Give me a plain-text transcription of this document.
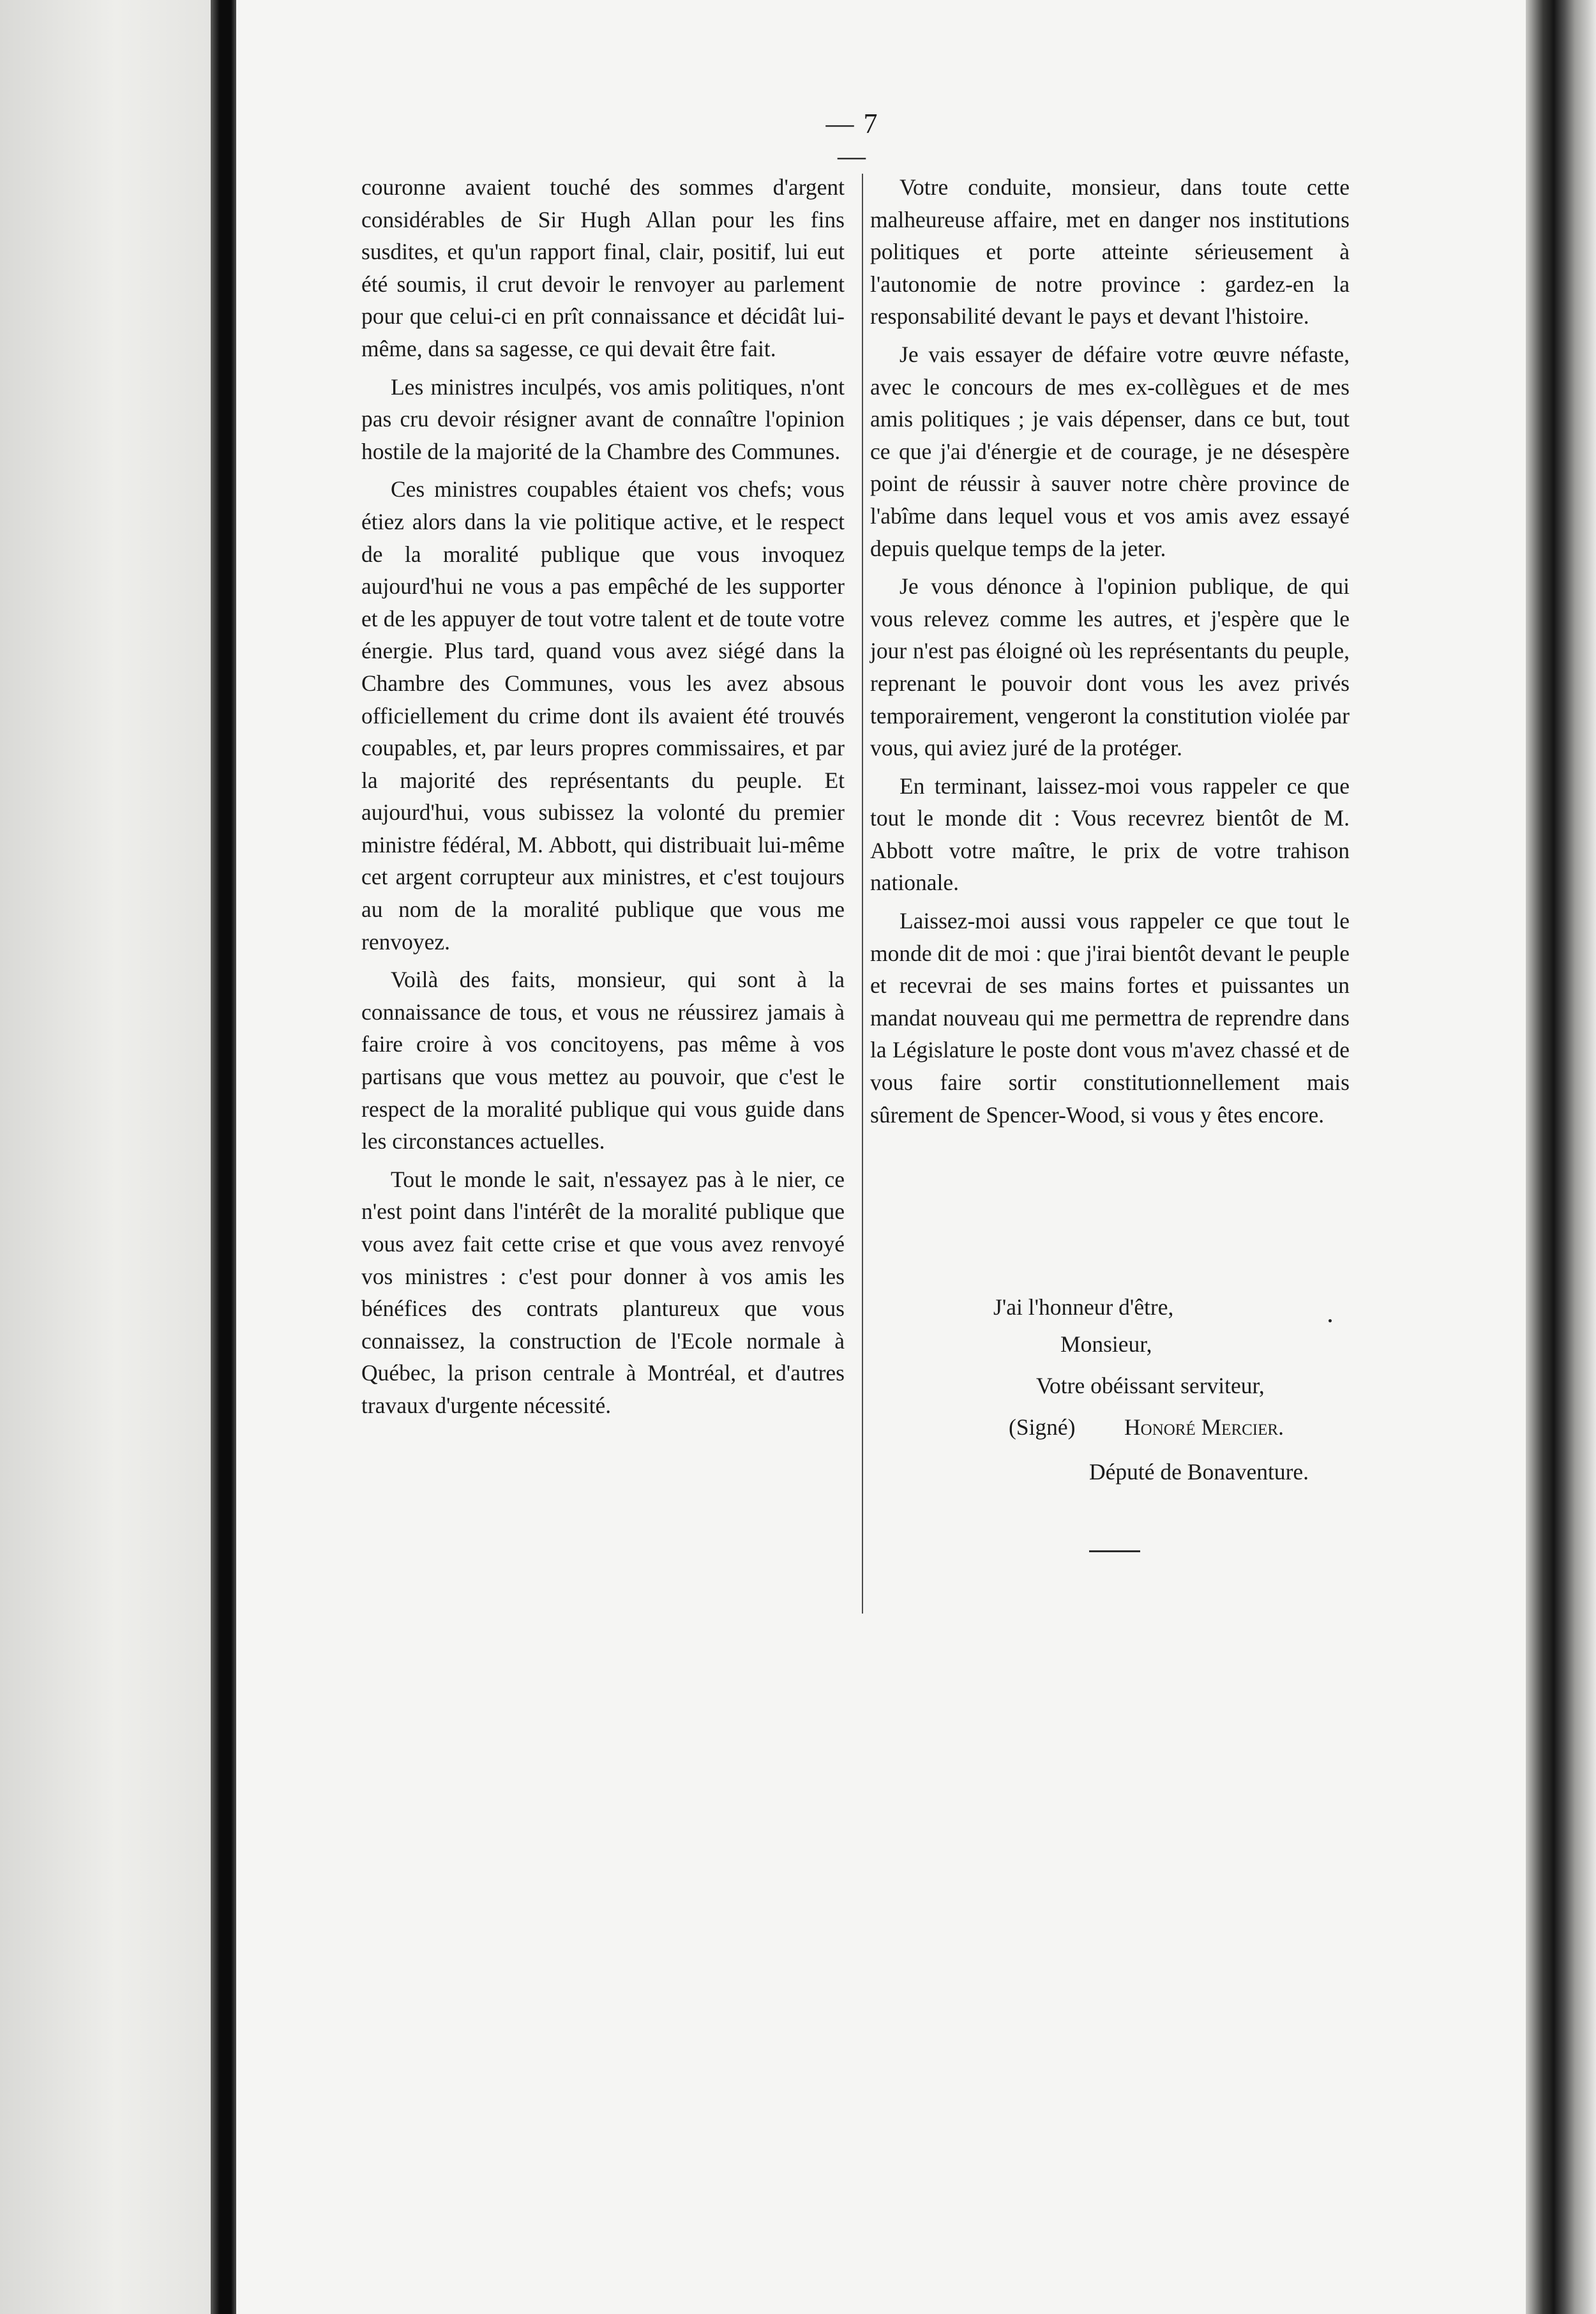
— 7 —

couronne avaient touché des sommes d'argent considérables de Sir Hugh Allan pour les fins susdites, et qu'un rapport final, clair, positif, lui eut été soumis, il crut devoir le renvoyer au parlement pour que celui-ci en prît connaissance et décidât lui-même, dans sa sagesse, ce qui devait être fait.

Les ministres inculpés, vos amis politiques, n'ont pas cru devoir résigner avant de connaître l'opinion hostile de la majorité de la Chambre des Communes.

Ces ministres coupables étaient vos chefs; vous étiez alors dans la vie politique active, et le respect de la moralité publique que vous invoquez aujourd'hui ne vous a pas empêché de les supporter et de les appuyer de tout votre talent et de toute votre énergie. Plus tard, quand vous avez siégé dans la Chambre des Communes, vous les avez absous officiellement du crime dont ils avaient été trouvés coupables, et, par leurs propres commissaires, et par la majorité des représentants du peuple. Et aujourd'hui, vous subissez la volonté du premier ministre fédéral, M. Abbott, qui distribuait lui-même cet argent corrupteur aux ministres, et c'est toujours au nom de la moralité publique que vous me renvoyez.

Voilà des faits, monsieur, qui sont à la connaissance de tous, et vous ne réussirez jamais à faire croire à vos concitoyens, pas même à vos partisans que vous mettez au pouvoir, que c'est le respect de la moralité publique qui vous guide dans les circonstances actuelles.

Tout le monde le sait, n'essayez pas à le nier, ce n'est point dans l'intérêt de la moralité publique que vous avez fait cette crise et que vous avez renvoyé vos ministres : c'est pour donner à vos amis les bénéfices des contrats plantureux que vous connaissez, la construction de l'Ecole normale à Québec, la prison centrale à Montréal, et d'autres travaux d'urgente nécessité.

Votre conduite, monsieur, dans toute cette malheureuse affaire, met en danger nos institutions politiques et porte atteinte sérieusement à l'autonomie de notre province : gardez-en la responsabilité devant le pays et devant l'histoire.

Je vais essayer de défaire votre œuvre néfaste, avec le concours de mes ex-collègues et de mes amis politiques ; je vais dépenser, dans ce but, tout ce que j'ai d'énergie et de courage, je ne désespère point de réussir à sauver notre chère province de l'abîme dans lequel vous et vos amis avez essayé depuis quelque temps de la jeter.

Je vous dénonce à l'opinion publique, de qui vous relevez comme les autres, et j'espère que le jour n'est pas éloigné où les représentants du peuple, reprenant le pouvoir dont vous les avez privés temporairement, vengeront la constitution violée par vous, qui aviez juré de la protéger.

En terminant, laissez-moi vous rappeler ce que tout le monde dit : Vous recevrez bientôt de M. Abbott votre maître, le prix de votre trahison nationale.

Laissez-moi aussi vous rappeler ce que tout le monde dit de moi : que j'irai bientôt devant le peuple et recevrai de ses mains fortes et puissantes un mandat nouveau qui me permettra de reprendre dans la Législature le poste dont vous m'avez chassé et de vous faire sortir constitutionnellement mais sûrement de Spencer-Wood, si vous y êtes encore.

J'ai l'honneur d'être,
Monsieur,
Votre obéissant serviteur,
(Signé) Honoré Mercier.
Député de Bonaventure.
